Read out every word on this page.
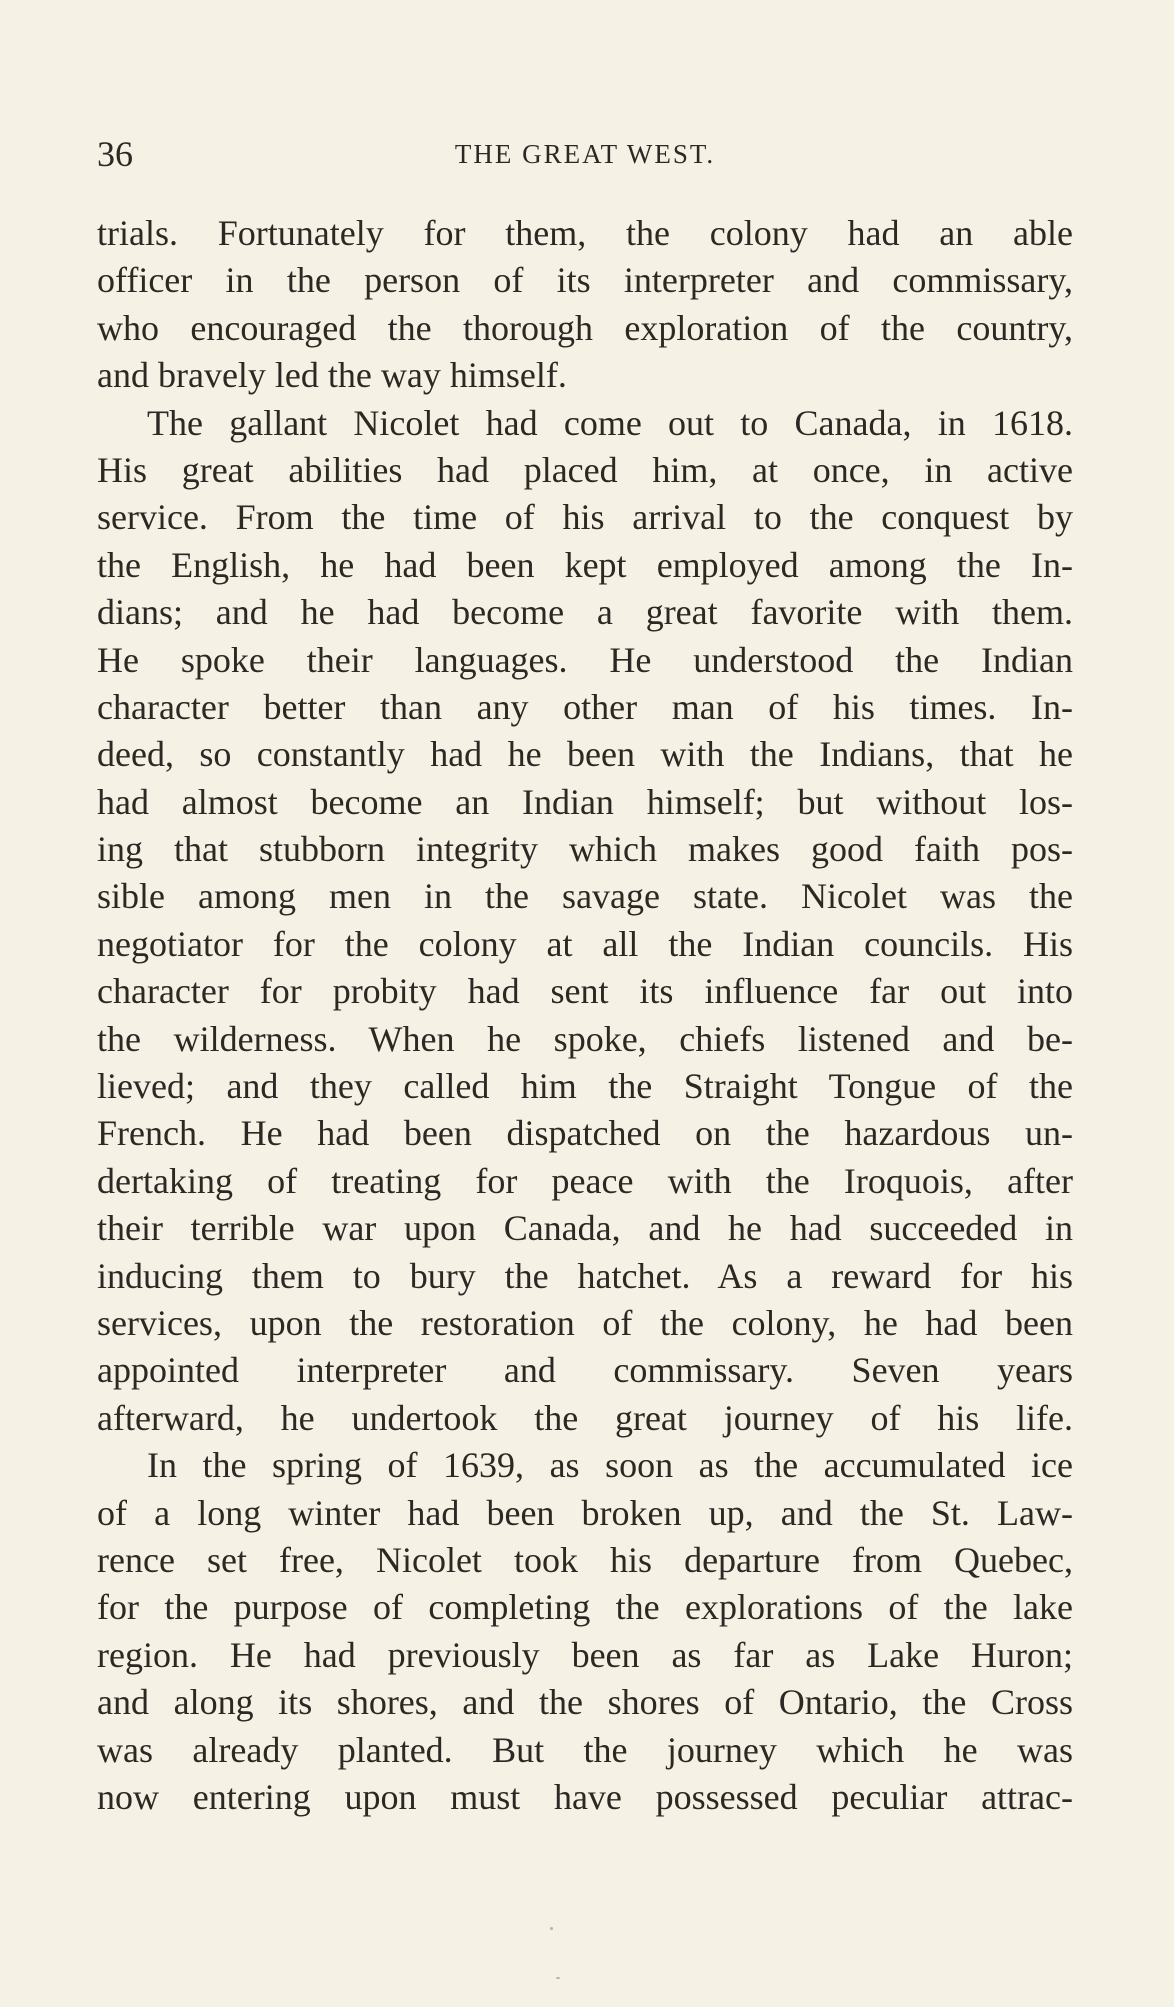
36	THE GREAT WEST.
trials. Fortunately for them, the colony had an able
officer in the person of its interpreter and commissary,
who encouraged the thorough exploration of the country,
and bravely led the way himself.
The gallant Nicolet had come out to Canada, in 1618.
His great abilities had placed him, at once, in active
service. From the time of his arrival to the conquest by
the English, he had been kept employed among the In-
dians; and he had become a great favorite with them.
He spoke their languages. He understood the Indian
character better than any other man of his times. In-
deed, so constantly had he been with the Indians, that he
had almost become an Indian himself; but without los-
ing that stubborn integrity which makes good faith pos-
sible among men in the savage state. Nicolet was the
negotiator for the colony at all the Indian councils. His
character for probity had sent its influence far out into
the wilderness. When he spoke, chiefs listened and be-
lieved; and they called him the Straight Tongue of the
French. He had been dispatched on the hazardous un-
dertaking of treating for peace with the Iroquois, after
their terrible war upon Canada, and he had succeeded in
inducing them to bury the hatchet. As a reward for his
services, upon the restoration of the colony, he had been
appointed interpreter and commissary. Seven years
afterward, he undertook the great journey of his life.
In the spring of 1639, as soon as the accumulated ice
of a long winter had been broken up, and the St. Law-
rence set free, Nicolet took his departure from Quebec,
for the purpose of completing the explorations of the lake
region. He had previously been as far as Lake Huron;
and along its shores, and the shores of Ontario, the Cross
was already planted. But the journey which he was
now entering upon must have possessed peculiar attrac-
